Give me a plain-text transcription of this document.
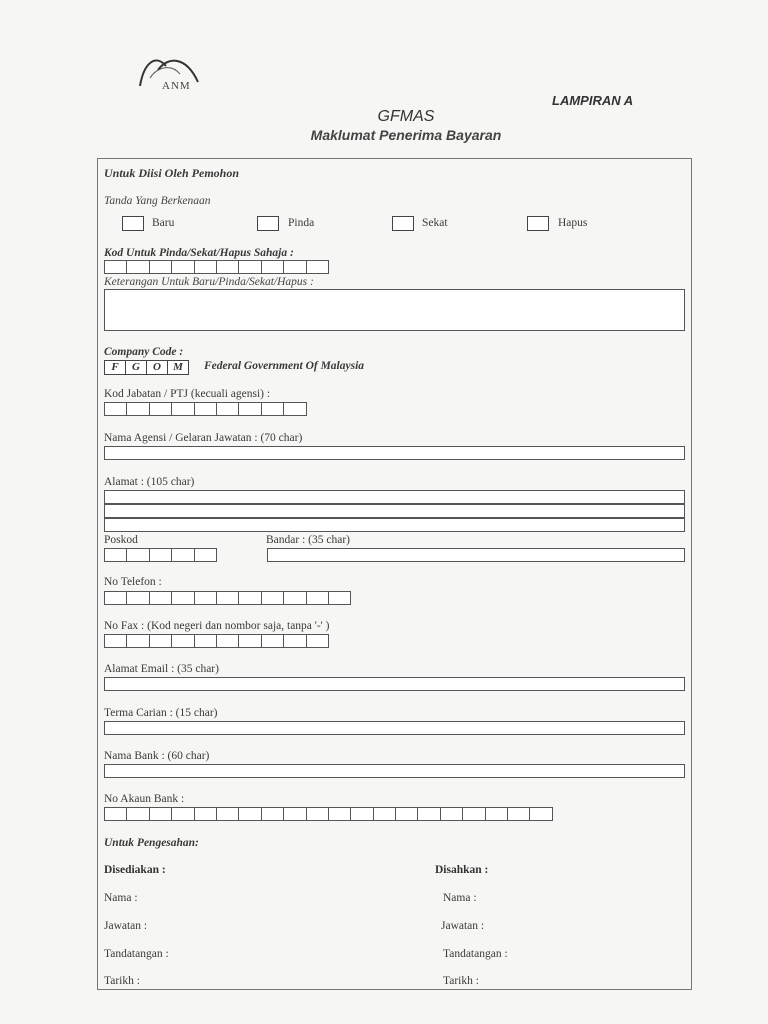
ANM
LAMPIRAN A
GFMAS
Maklumat Penerima Bayaran
Untuk Diisi Oleh Pemohon
Tanda Yang Berkenaan
Baru	Pinda	Sekat	Hapus
Kod Untuk Pinda/Sekat/Hapus Sahaja :
Keterangan Untuk Baru/Pinda/Sekat/Hapus :
Company Code :
F	G	O	M	Federal Government Of Malaysia
Kod Jabatan / PTJ (kecuali agensi) :
Nama Agensi / Gelaran Jawatan : (70 char)
Alamat : (105 char)
Poskod	Bandar : (35 char)
No Telefon :
No Fax : (Kod negeri dan nombor saja, tanpa '-' )
Alamat Email : (35 char)
Terma Carian : (15 char)
Nama Bank : (60 char)
No Akaun Bank :
Untuk Pengesahan:
Disediakan :	Disahkan :
Nama :	Nama :
Jawatan :	Jawatan :
Tandatangan :	Tandatangan :
Tarikh :	Tarikh :
